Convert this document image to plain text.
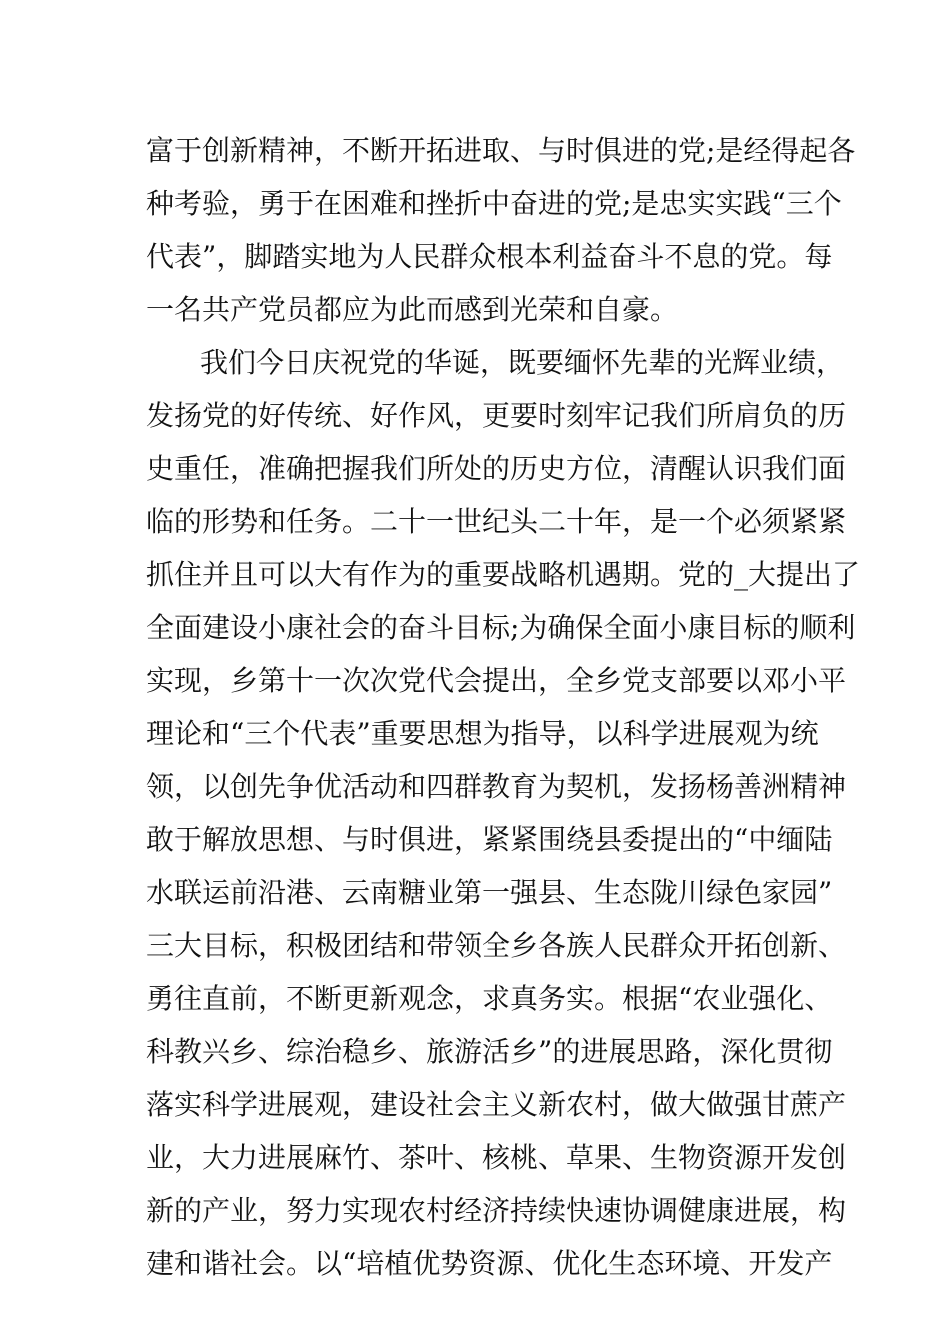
富于创新精神，不断开拓进取、与时俱进的党;是经得起各
种考验，勇于在困难和挫折中奋进的党;是忠实实践“三个
代表”，脚踏实地为人民群众根本利益奋斗不息的党。每
一名共产党员都应为此而感到光荣和自豪。
我们今日庆祝党的华诞，既要缅怀先辈的光辉业绩，
发扬党的好传统、好作风，更要时刻牢记我们所肩负的历
史重任，准确把握我们所处的历史方位，清醒认识我们面
临的形势和任务。二十一世纪头二十年，是一个必须紧紧
抓住并且可以大有作为的重要战略机遇期。党的_大提出了
全面建设小康社会的奋斗目标;为确保全面小康目标的顺利
实现，乡第十一次次党代会提出，全乡党支部要以邓小平
理论和“三个代表”重要思想为指导，以科学进展观为统
领，以创先争优活动和四群教育为契机，发扬杨善洲精神
敢于解放思想、与时俱进，紧紧围绕县委提出的“中缅陆
水联运前沿港、云南糖业第一强县、生态陇川绿色家园”
三大目标，积极团结和带领全乡各族人民群众开拓创新、
勇往直前，不断更新观念，求真务实。根据“农业强化、
科教兴乡、综治稳乡、旅游活乡”的进展思路，深化贯彻
落实科学进展观，建设社会主义新农村，做大做强甘蔗产
业，大力进展麻竹、茶叶、核桃、草果、生物资源开发创
新的产业，努力实现农村经济持续快速协调健康进展，构
建和谐社会。以“培植优势资源、优化生态环境、开发产
